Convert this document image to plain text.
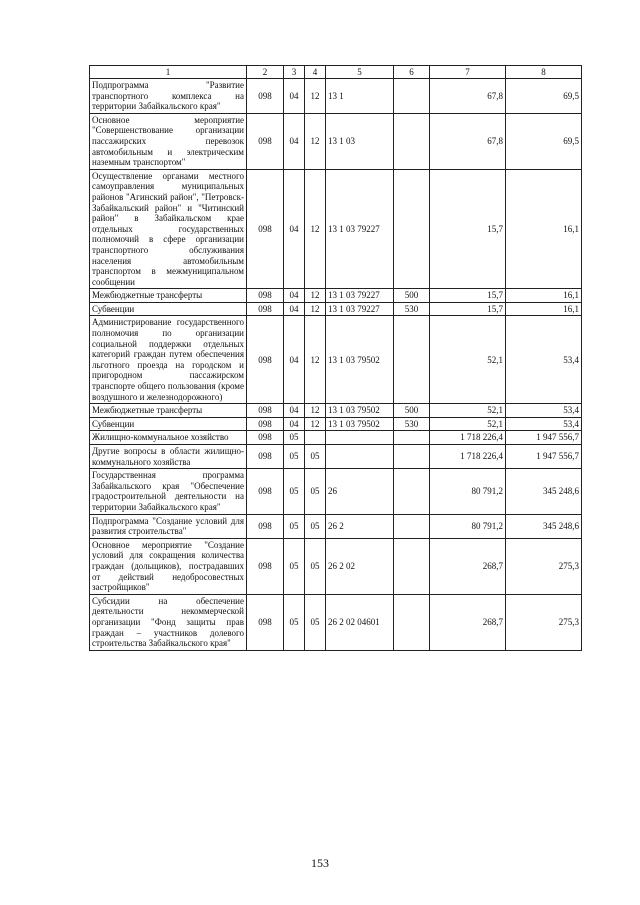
1	2	3	4	5	6	7	8
Подпрограмма "Развитие транспортного комплекса на территории Забайкальского края"	098	04	12	13 1		67,8	69,5
Основное мероприятие "Совершенствование организации пассажирских перевозок автомобильным и электрическим наземным транспортом"	098	04	12	13 1 03		67,8	69,5
Осуществление органами местного самоуправления муниципальных районов "Агинский район", "Петровск-Забайкальский район" и "Читинский район" в Забайкальском крае отдельных государственных полномочий в сфере организации транспортного обслуживания населения автомобильным транспортом в межмуниципальном сообщении	098	04	12	13 1 03 79227		15,7	16,1
Межбюджетные трансферты	098	04	12	13 1 03 79227	500	15,7	16,1
Субвенции	098	04	12	13 1 03 79227	530	15,7	16,1
Администрирование государственного полномочия по организации социальной поддержки отдельных категорий граждан путем обеспечения льготного проезда на городском и пригородном пассажирском транспорте общего пользования (кроме воздушного и железнодорожного)	098	04	12	13 1 03 79502		52,1	53,4
Межбюджетные трансферты	098	04	12	13 1 03 79502	500	52,1	53,4
Субвенции	098	04	12	13 1 03 79502	530	52,1	53,4
Жилищно-коммунальное хозяйство	098	05				1 718 226,4	1 947 556,7
Другие вопросы в области жилищно-коммунального хозяйства	098	05	05			1 718 226,4	1 947 556,7
Государственная программа Забайкальского края "Обеспечение градостроительной деятельности на территории Забайкальского края"	098	05	05	26		80 791,2	345 248,6
Подпрограмма "Создание условий для развития строительства"	098	05	05	26 2		80 791,2	345 248,6
Основное мероприятие "Создание условий для сокращения количества граждан (дольщиков), пострадавших от действий недобросовестных застройщиков"	098	05	05	26 2 02		268,7	275,3
Субсидии на обеспечение деятельности некоммерческой организации "Фонд защиты прав граждан – участников долевого строительства Забайкальского края"	098	05	05	26 2 02 04601		268,7	275,3
153
